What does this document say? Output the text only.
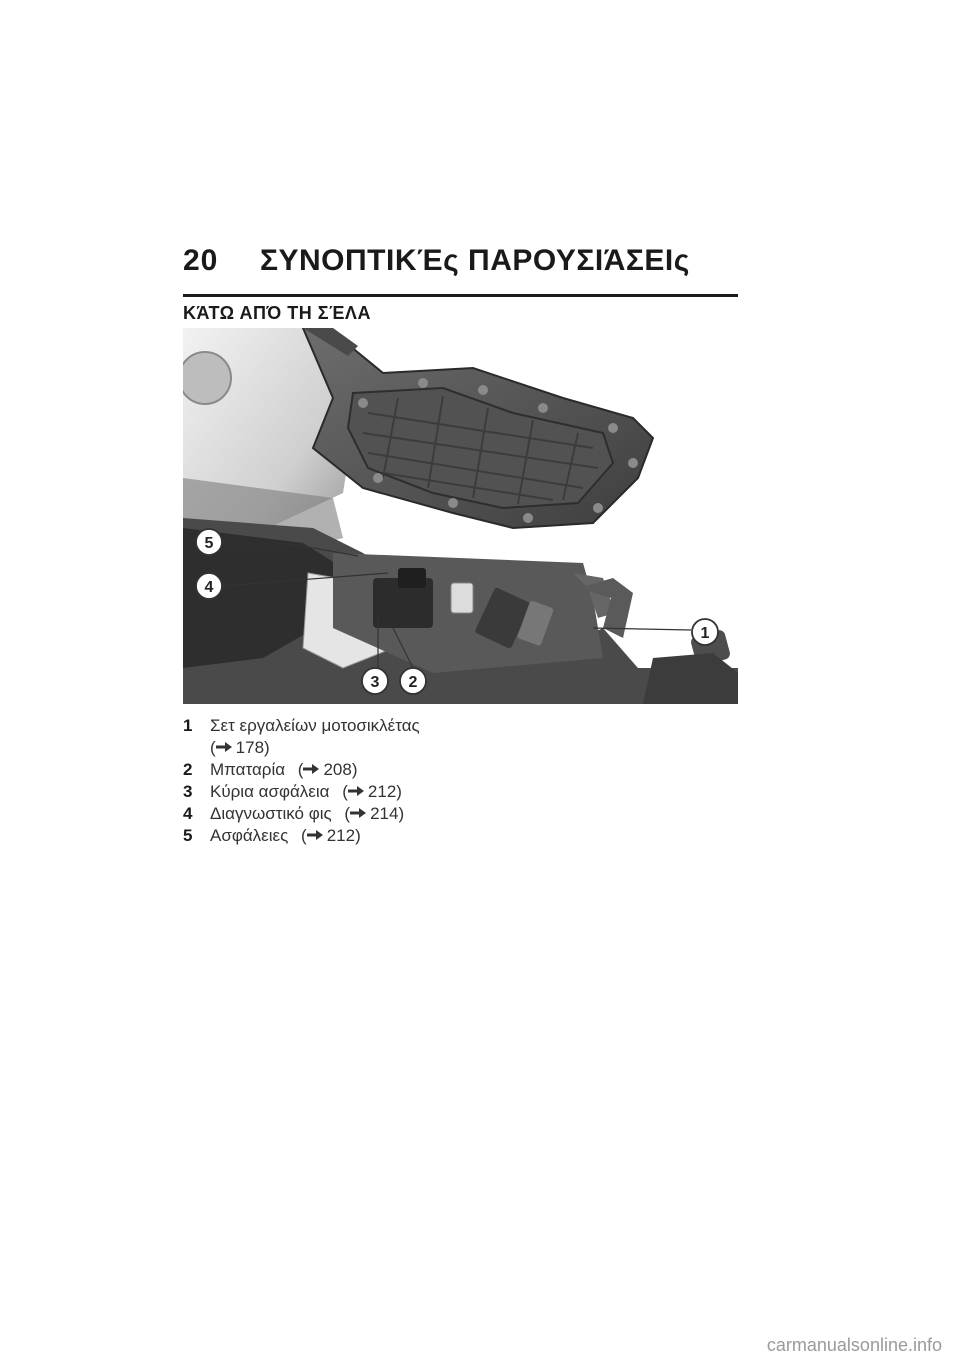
20 ΣΥΝΟΠΤΙΚΈς ΠΑΡΟΥΣΙΆΣΕΙς
ΚΆΤΩ ΑΠΌ ΤΗ ΣΈΛΑ
5
4
3 2
1
1 Σετ εργαλείων μοτοσικλέτας
( 178)
2 Μπαταρία ( 208)
3 Κύρια ασφάλεια ( 212)
4 Διαγνωστικό φις ( 214)
5 Ασφάλειες ( 212)
carmanualsonline.info
